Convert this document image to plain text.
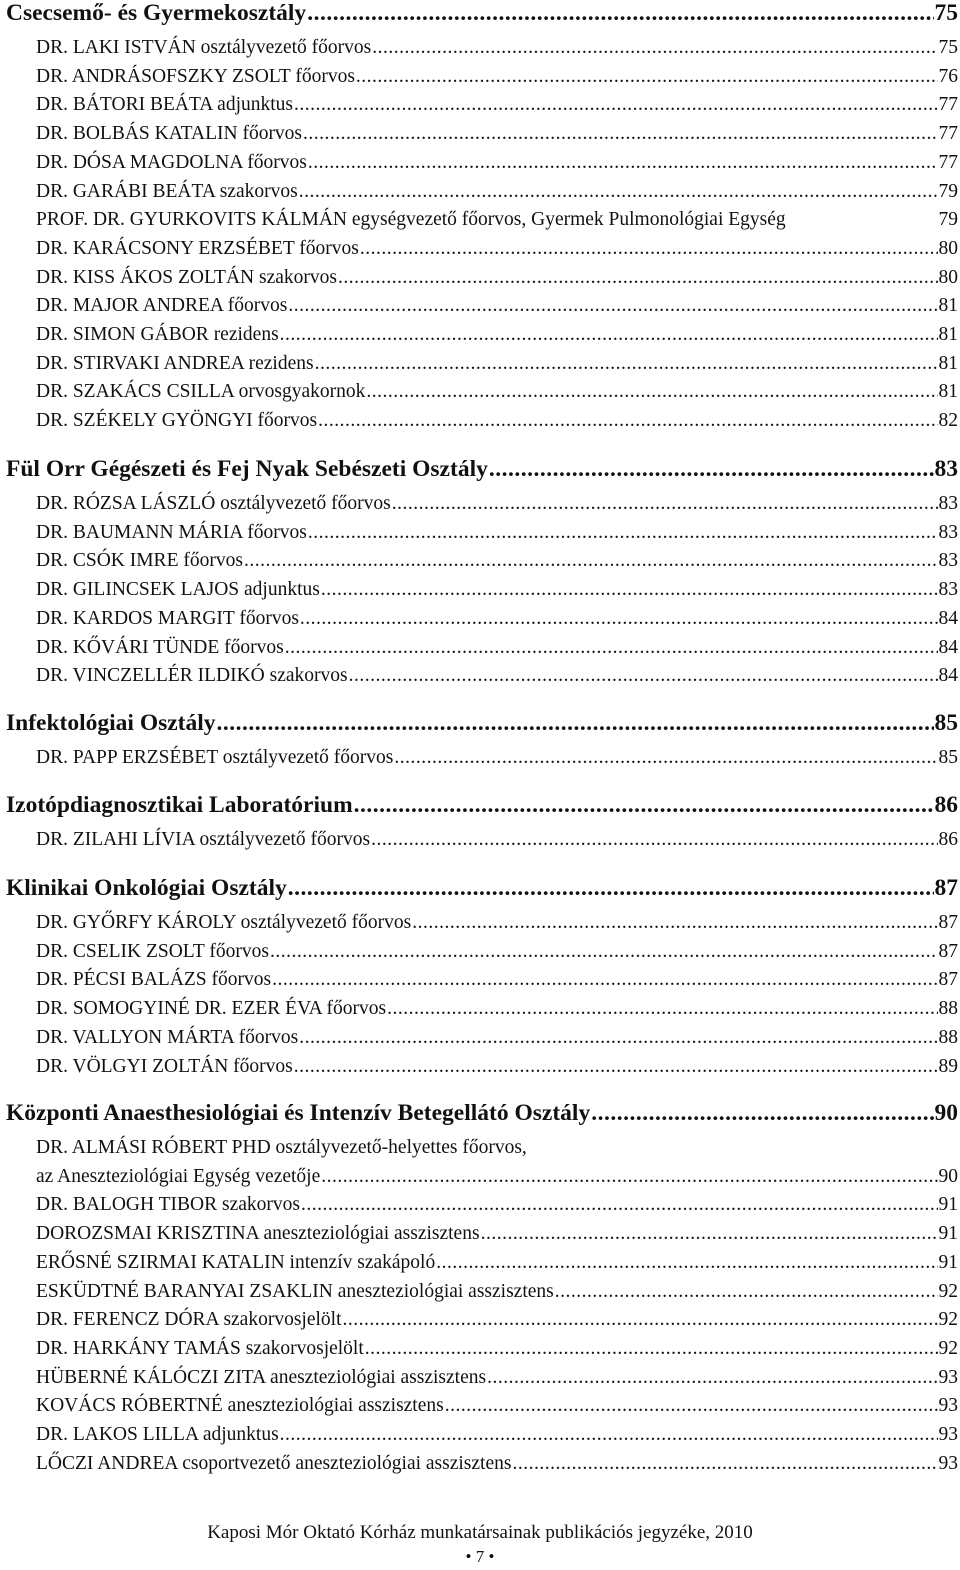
Csecsemő- és Gyermekosztály .....	75
DR. LAKI ISTVÁN osztályvezető főorvos .....	75
DR. ANDRÁSOFSZKY ZSOLT főorvos .....	76
DR. BÁTORI BEÁTA adjunktus .....	77
DR. BOLBÁS KATALIN főorvos .....	77
DR. DÓSA MAGDOLNA főorvos .....	77
DR. GARÁBI BEÁTA szakorvos .....	79
PROF. DR. GYURKOVITS KÁLMÁN egységvezető főorvos, Gyermek Pulmonológiai Egység	79
DR. KARÁCSONY ERZSÉBET főorvos .....	80
DR. KISS ÁKOS ZOLTÁN szakorvos .....	80
DR. MAJOR ANDREA főorvos .....	81
DR. SIMON GÁBOR rezidens .....	81
DR. STIRVAKI ANDREA rezidens .....	81
DR. SZAKÁCS CSILLA orvosgyakornok .....	81
DR. SZÉKELY GYÖNGYI főorvos .....	82
Fül Orr Gégészeti és Fej Nyak Sebészeti Osztály .....	83
DR. RÓZSA LÁSZLÓ osztályvezető főorvos .....	83
DR. BAUMANN MÁRIA főorvos .....	83
DR. CSÓK IMRE főorvos .....	83
DR. GILINCSEK LAJOS adjunktus .....	83
DR. KARDOS MARGIT főorvos .....	84
DR. KŐVÁRI TÜNDE főorvos .....	84
DR. VINCZELLÉR ILDIKÓ szakorvos .....	84
Infektológiai Osztály .....	85
DR. PAPP ERZSÉBET osztályvezető főorvos .....	85
Izotópdiagnosztikai Laboratórium .....	86
DR. ZILAHI LÍVIA osztályvezető főorvos .....	86
Klinikai Onkológiai Osztály .....	87
DR. GYŐRFY KÁROLY osztályvezető főorvos .....	87
DR. CSELIK ZSOLT főorvos .....	87
DR. PÉCSI BALÁZS főorvos .....	87
DR. SOMOGYINÉ DR. EZER ÉVA főorvos .....	88
DR. VALLYON MÁRTA főorvos .....	88
DR. VÖLGYI ZOLTÁN főorvos .....	89
Központi Anaesthesiológiai és Intenzív Betegellátó Osztály .....	90
DR. ALMÁSI RÓBERT PHD osztályvezető-helyettes főorvos,
az Aneszteziológiai Egység vezetője .....	90
DR. BALOGH TIBOR szakorvos .....	91
DOROZSMAI KRISZTINA aneszteziológiai asszisztens .....	91
ERŐSNÉ SZIRMAI KATALIN intenzív szakápoló .....	91
ESKÜDTNÉ BARANYAI ZSAKLIN aneszteziológiai asszisztens .....	92
DR. FERENCZ DÓRA szakorvosjelölt .....	92
DR. HARKÁNY TAMÁS szakorvosjelölt .....	92
HÜBERNÉ KÁLÓCZI ZITA aneszteziológiai asszisztens .....	93
KOVÁCS RÓBERTNÉ aneszteziológiai asszisztens .....	93
DR. LAKOS LILLA adjunktus .....	93
LŐCZI ANDREA csoportvezető aneszteziológiai asszisztens .....	93
Kaposi Mór Oktató Kórház munkatársainak publikációs jegyzéke, 2010
• 7 •
